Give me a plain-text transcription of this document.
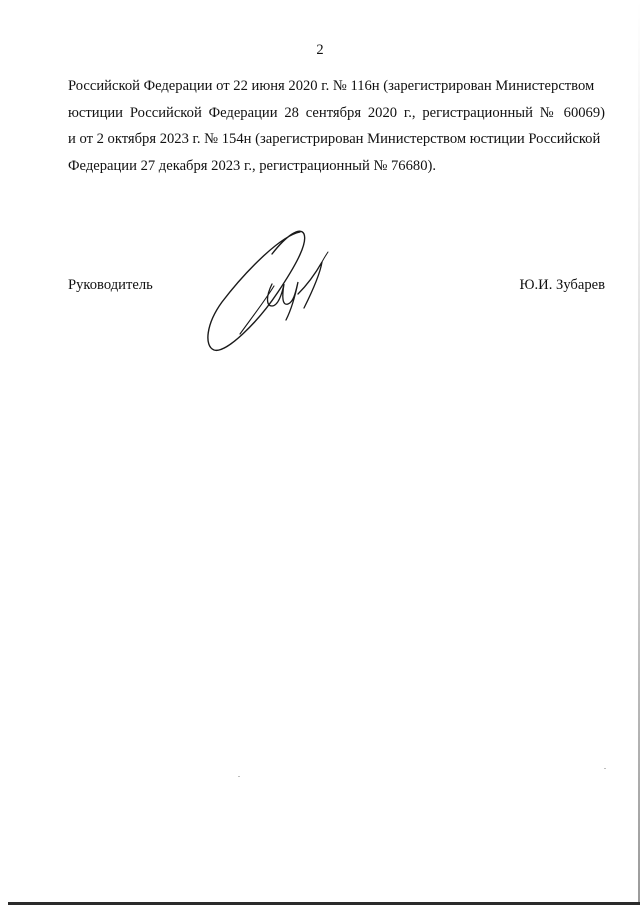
2
Российской Федерации от 22 июня 2020 г. № 116н (зарегистрирован Министерством
юстиции Российской Федерации 28 сентября 2020 г., регистрационный № 60069)
и от 2 октября 2023 г. № 154н (зарегистрирован Министерством юстиции Российской
Федерации 27 декабря 2023 г., регистрационный № 76680).
Руководитель	Ю.И. Зубарев
